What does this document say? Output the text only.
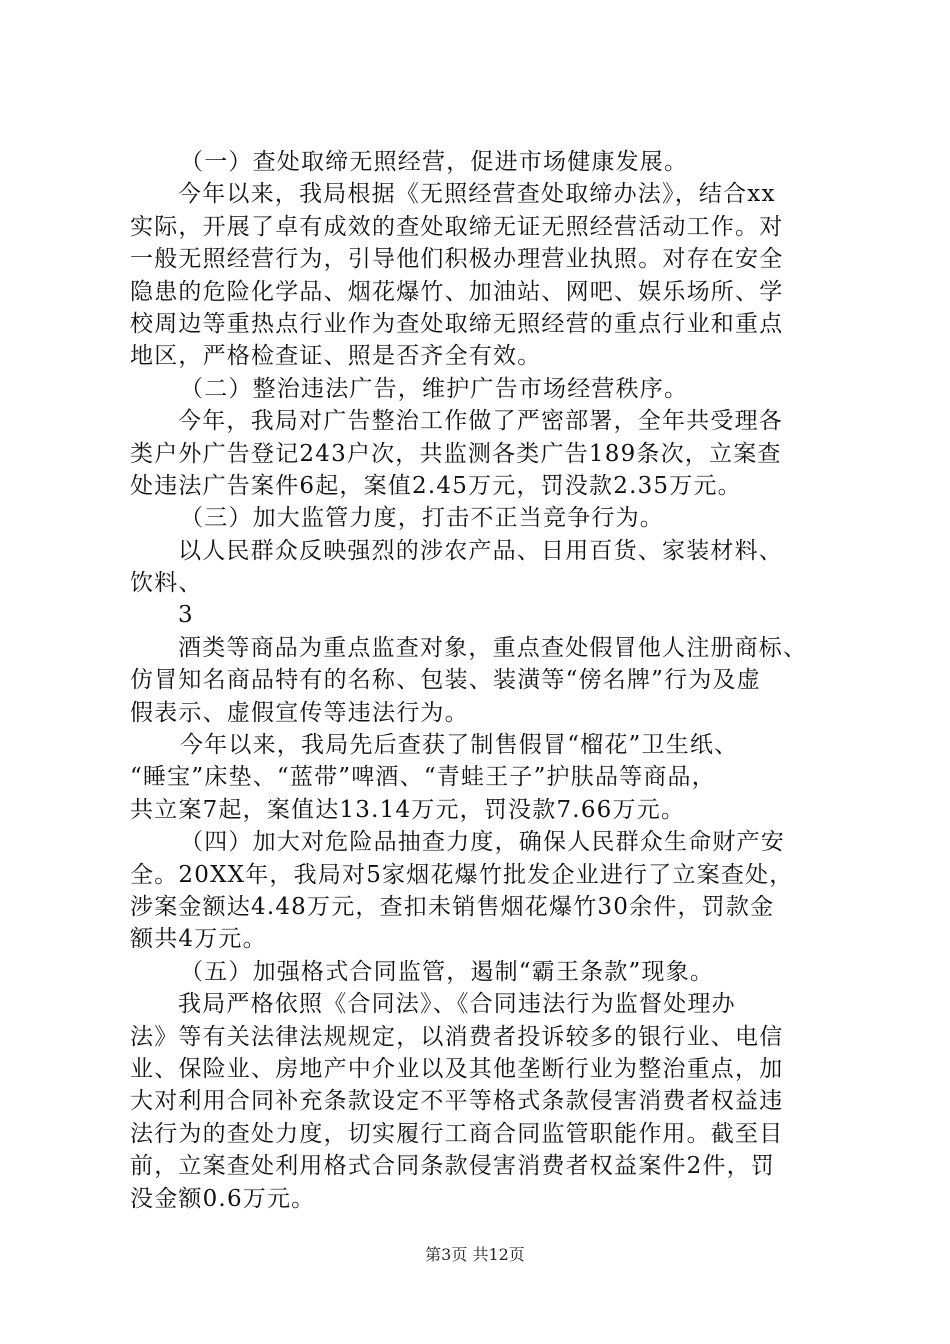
（一）查处取缔无照经营，促进市场健康发展。
今年以来，我局根据《无照经营查处取缔办法》，结合xx
实际，开展了卓有成效的查处取缔无证无照经营活动工作。对
一般无照经营行为，引导他们积极办理营业执照。对存在安全
隐患的危险化学品、烟花爆竹、加油站、网吧、娱乐场所、学
校周边等重热点行业作为查处取缔无照经营的重点行业和重点
地区，严格检查证、照是否齐全有效。
（二）整治违法广告，维护广告市场经营秩序。
今年，我局对广告整治工作做了严密部署，全年共受理各
类户外广告登记243户次，共监测各类广告189条次，立案查
处违法广告案件6起，案值2.45万元，罚没款2.35万元。
（三）加大监管力度，打击不正当竞争行为。
以人民群众反映强烈的涉农产品、日用百货、家装材料、
饮料、
3
酒类等商品为重点监查对象，重点查处假冒他人注册商标、
仿冒知名商品特有的名称、包装、装潢等“傍名牌”行为及虚
假表示、虚假宣传等违法行为。
今年以来，我局先后查获了制售假冒“榴花”卫生纸、
“睡宝”床垫、“蓝带”啤酒、“青蛙王子”护肤品等商品，
共立案7起，案值达13.14万元，罚没款7.66万元。
（四）加大对危险品抽查力度，确保人民群众生命财产安
全。20XX年，我局对5家烟花爆竹批发企业进行了立案查处，
涉案金额达4.48万元，查扣未销售烟花爆竹30余件，罚款金
额共4万元。
（五）加强格式合同监管，遏制“霸王条款”现象。
我局严格依照《合同法》、《合同违法行为监督处理办
法》等有关法律法规规定，以消费者投诉较多的银行业、电信
业、保险业、房地产中介业以及其他垄断行业为整治重点，加
大对利用合同补充条款设定不平等格式条款侵害消费者权益违
法行为的查处力度，切实履行工商合同监管职能作用。截至目
前，立案查处利用格式合同条款侵害消费者权益案件2件，罚
没金额0.6万元。
第3页 共12页
